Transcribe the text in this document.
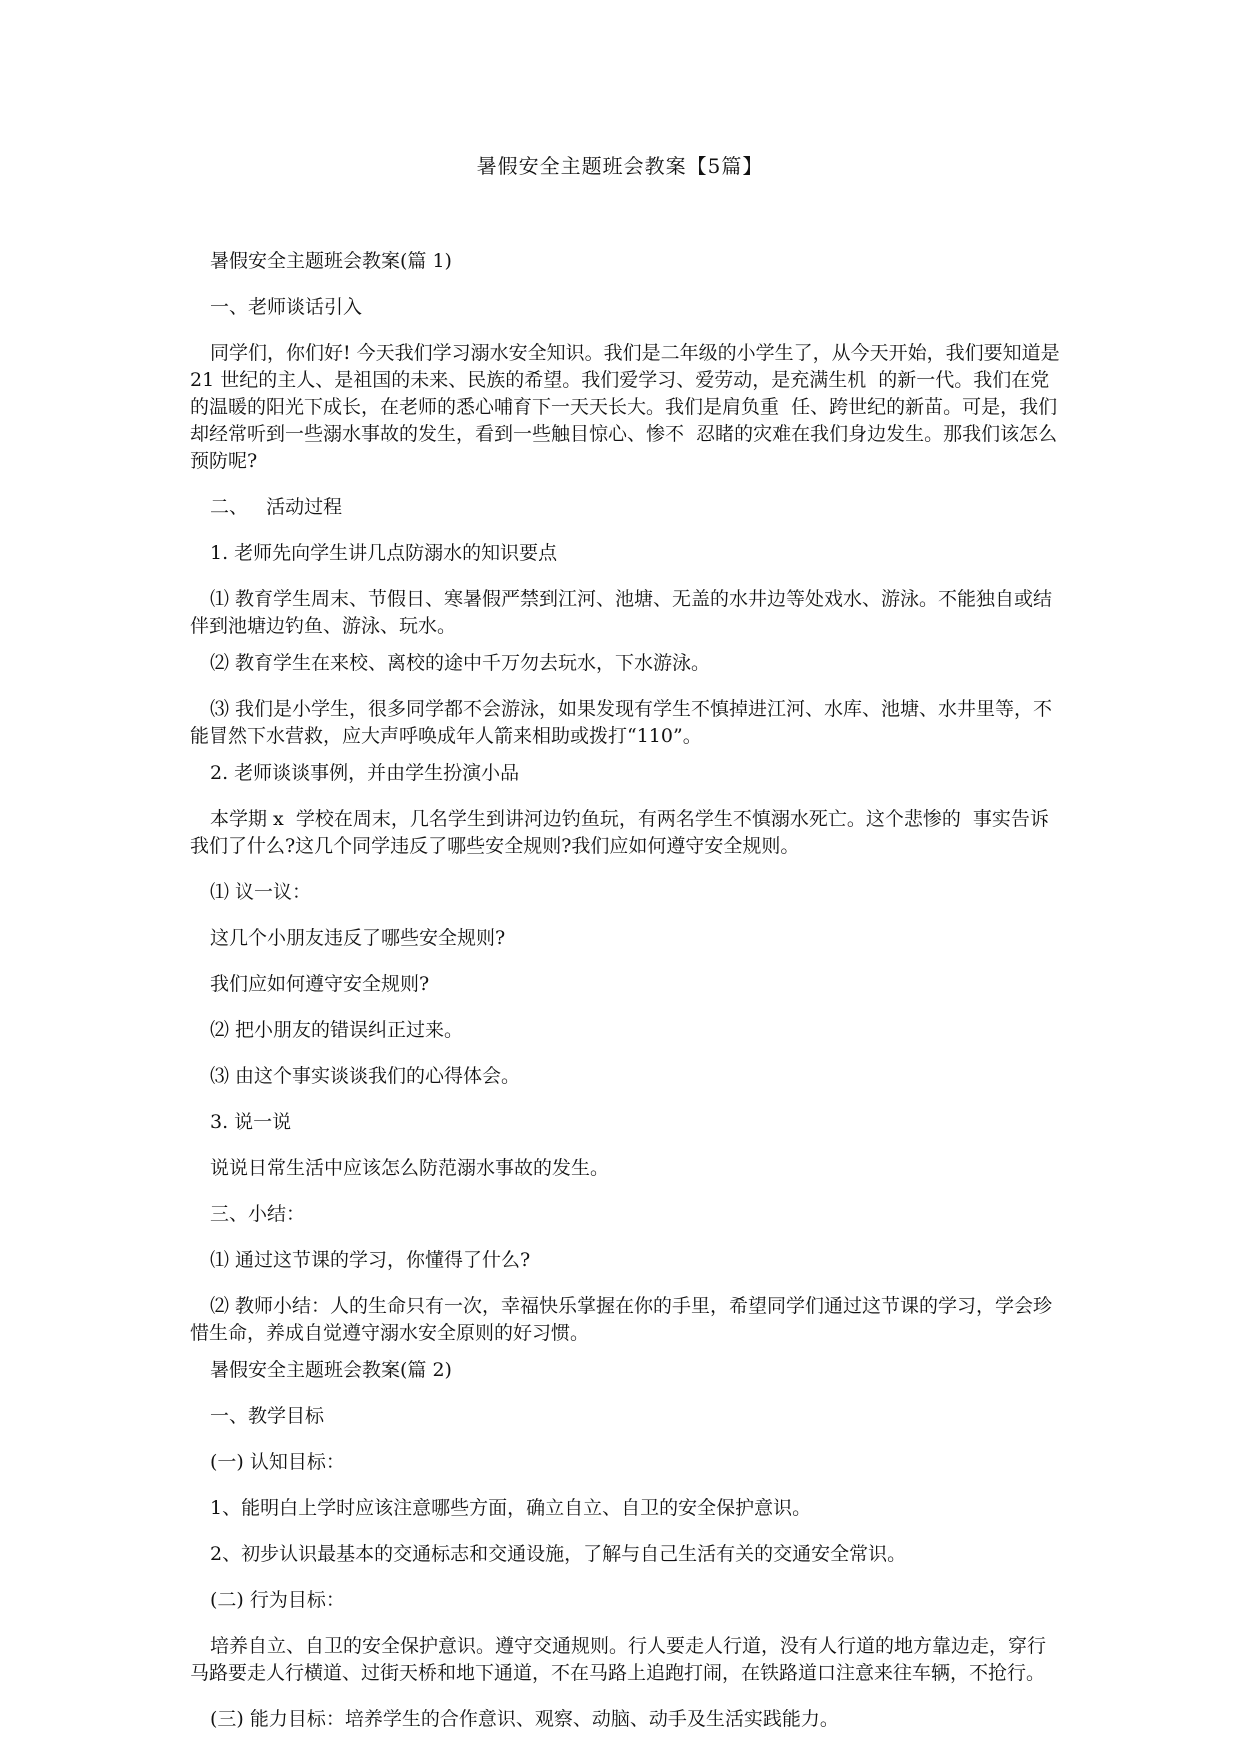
暑假安全主题班会教案【5篇】

暑假安全主题班会教案(篇 1)

一、老师谈话引入

同学们，你们好! 今天我们学习溺水安全知识。我们是二年级的小学生了，从今天开始，我们要知道是 21 世纪的主人、是祖国的未来、民族的希望。我们爱学习、爱劳动，是充满生机  的新一代。我们在党的温暖的阳光下成长，在老师的悉心哺育下一天天长大。我们是肩负重  任、跨世纪的新苗。可是，我们却经常听到一些溺水事故的发生，看到一些触目惊心、惨不  忍睹的灾难在我们身边发生。那我们该怎么预防呢?

二、   活动过程

1. 老师先向学生讲几点防溺水的知识要点

⑴ 教育学生周末、节假日、寒暑假严禁到江河、池塘、无盖的水井边等处戏水、游泳。不能独自或结伴到池塘边钓鱼、游泳、玩水。

⑵ 教育学生在来校、离校的途中千万勿去玩水，下水游泳。

⑶ 我们是小学生，很多同学都不会游泳，如果发现有学生不慎掉进江河、水库、池塘、水井里等，不能冒然下水营救，应大声呼唤成年人箭来相助或拨打“110”。

2. 老师谈谈事例，并由学生扮演小品

本学期 x  学校在周末，几名学生到讲河边钓鱼玩，有两名学生不慎溺水死亡。这个悲惨的  事实告诉我们了什么?这几个同学违反了哪些安全规则?我们应如何遵守安全规则。

⑴ 议一议：

这几个小朋友违反了哪些安全规则?

我们应如何遵守安全规则?

⑵ 把小朋友的错误纠正过来。

⑶ 由这个事实谈谈我们的心得体会。

3. 说一说

说说日常生活中应该怎么防范溺水事故的发生。

三、小结：

⑴ 通过这节课的学习，你懂得了什么?

⑵ 教师小结：人的生命只有一次，幸福快乐掌握在你的手里，希望同学们通过这节课的学习，学会珍惜生命，养成自觉遵守溺水安全原则的好习惯。

暑假安全主题班会教案(篇 2)

一、教学目标

(一) 认知目标：

1、能明白上学时应该注意哪些方面，确立自立、自卫的安全保护意识。

2、初步认识最基本的交通标志和交通设施，了解与自己生活有关的交通安全常识。

(二) 行为目标：

培养自立、自卫的安全保护意识。遵守交通规则。行人要走人行道，没有人行道的地方靠边走，穿行马路要走人行横道、过街天桥和地下通道，不在马路上追跑打闹，在铁路道口注意来往车辆，不抢行。

(三) 能力目标：培养学生的合作意识、观察、动脑、动手及生活实践能力。
